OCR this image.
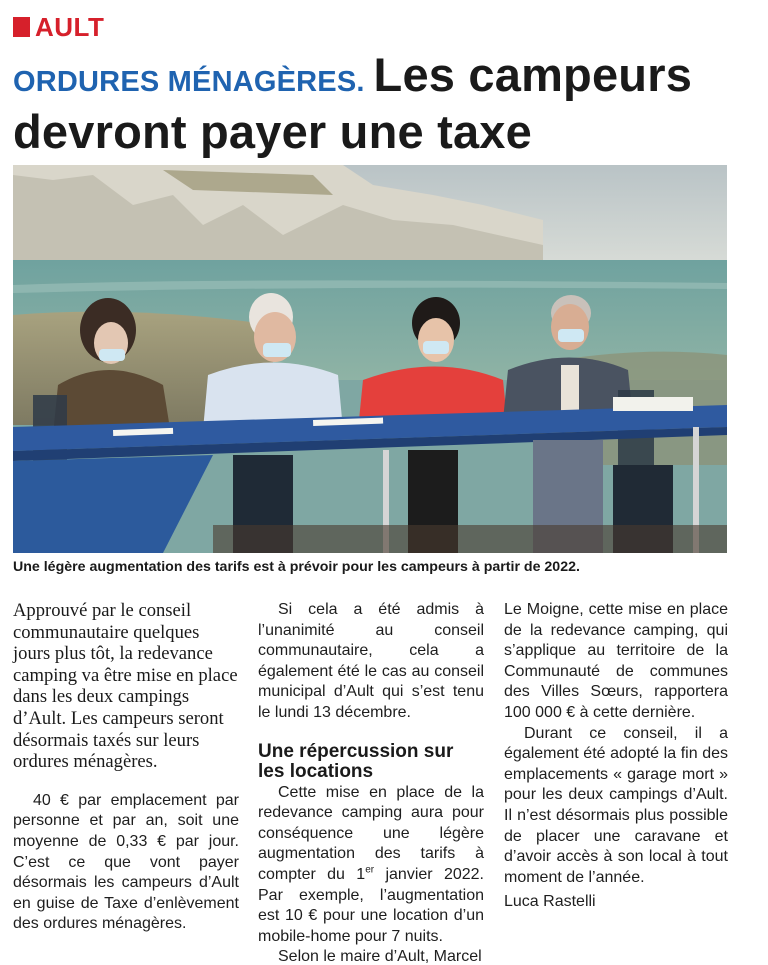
AULT
ORDURES MÉNAGÈRES. Les campeurs devront payer une taxe

Une légère augmentation des tarifs est à prévoir pour les campeurs à partir de 2022.

Approuvé par le conseil communautaire quelques jours plus tôt, la redevance camping va être mise en place dans les deux campings d’Ault. Les campeurs seront désormais taxés sur leurs ordures ménagères.

40 € par emplacement par personne et par an, soit une moyenne de 0,33 € par jour. C’est ce que vont payer désormais les campeurs d’Ault en guise de Taxe d’enlèvement des ordures ménagères.

Si cela a été admis à l’unanimité au conseil communautaire, cela a également été le cas au conseil municipal d’Ault qui s’est tenu le lundi 13 décembre.

Une répercussion sur les locations

Cette mise en place de la redevance camping aura pour conséquence une légère augmentation des tarifs à compter du 1er janvier 2022. Par exemple, l’augmentation est 10 € pour une location d’un mobile-home pour 7 nuits.

Selon le maire d’Ault, Marcel

Le Moigne, cette mise en place de la redevance camping, qui s’applique au territoire de la Communauté de communes des Villes Sœurs, rapportera 100 000 € à cette dernière.

Durant ce conseil, il a également été adopté la fin des emplacements « garage mort » pour les deux campings d’Ault. Il n’est désormais plus possible de placer une caravane et d’avoir accès à son local à tout moment de l’année.

Luca Rastelli
